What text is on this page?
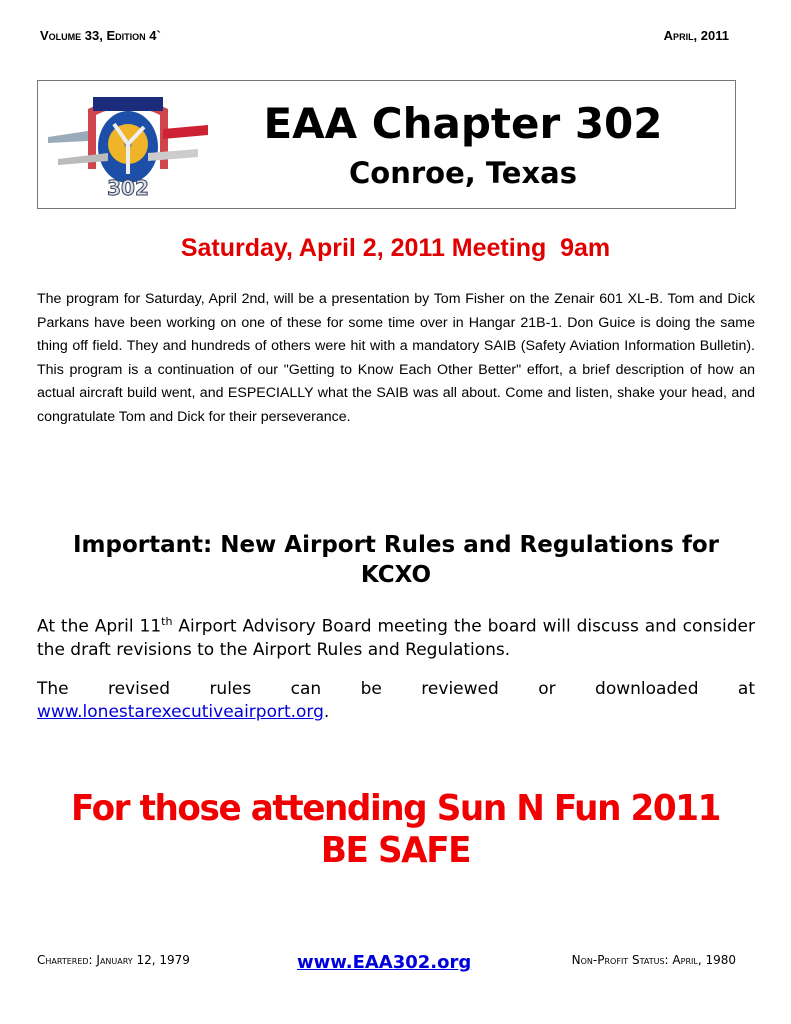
Volume 33, Edition 4`	April, 2011
302
EAA Chapter 302
Conroe, Texas
Saturday, April 2, 2011 Meeting  9am
The program for Saturday, April 2nd, will be a presentation by Tom Fisher on the Zenair 601 XL-B. Tom and Dick Parkans have been working on one of these for some time over in Hangar 21B-1. Don Guice is doing the same thing off field. They and hundreds of others were hit with a mandatory SAIB (Safety Aviation Information Bulletin). This program is a continuation of our "Getting to Know Each Other Better" effort, a brief description of how an actual aircraft build went, and ESPECIALLY what the SAIB was all about. Come and listen, shake your head, and congratulate Tom and Dick for their perseverance.
Important: New Airport Rules and Regulations for KCXO
At the April 11th Airport Advisory Board meeting the board will discuss and consider the draft revisions to the Airport Rules and Regulations.
The revised rules can be reviewed or downloaded at
www.lonestarexecutiveairport.org.
For those attending Sun N Fun 2011
BE SAFE
Chartered: January 12, 1979	www.EAA302.org	Non-Profit Status: April, 1980
